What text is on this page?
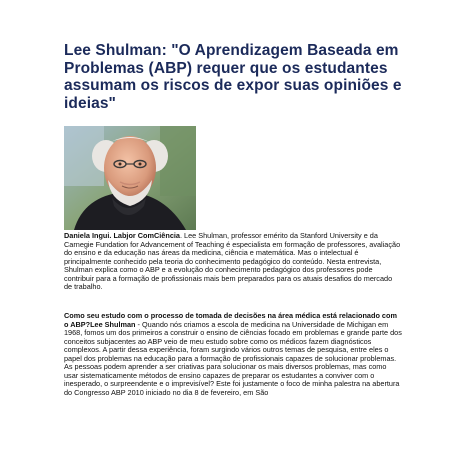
Lee Shulman: "O Aprendizagem Baseada em Problemas (ABP) requer que os estudantes assumam os riscos de expor suas opiniões e ideias"

Daniela Ingui. Labjor ComCiência. Lee Shulman, professor emérito da Stanford University e da Carnegie Fundation for Advancement of Teaching é especialista em formação de professores, avaliação do ensino e da educação nas áreas da medicina, ciência e matemática. Mas o intelectual é principalmente conhecido pela teoria do conhecimento pedagógico do conteúdo. Nesta entrevista, Shulman explica como o ABP e a evolução do conhecimento pedagógico dos professores pode contribuir para a formação de profissionais mais bem preparados para os atuais desafios do mercado de trabalho.

Como seu estudo com o processo de tomada de decisões na área médica está relacionado com o ABP?Lee Shulman - Quando nós criamos a escola de medicina na Universidade de Michigan em 1968, fomos um dos primeiros a construir o ensino de ciências focado em problemas e grande parte dos conceitos subjacentes ao ABP veio de meu estudo sobre como os médicos fazem diagnósticos complexos. A partir dessa experiência, foram surgindo vários outros temas de pesquisa, entre eles o papel dos problemas na educação para a formação de profissionais capazes de solucionar problemas. As pessoas podem aprender a ser criativas para solucionar os mais diversos problemas, mas como usar sistematicamente métodos de ensino capazes de preparar os estudantes a conviver com o inesperado, o surpreendente e o imprevisível? Este foi justamente o foco de minha palestra na abertura do Congresso ABP 2010 iniciado no dia 8 de fevereiro, em São
